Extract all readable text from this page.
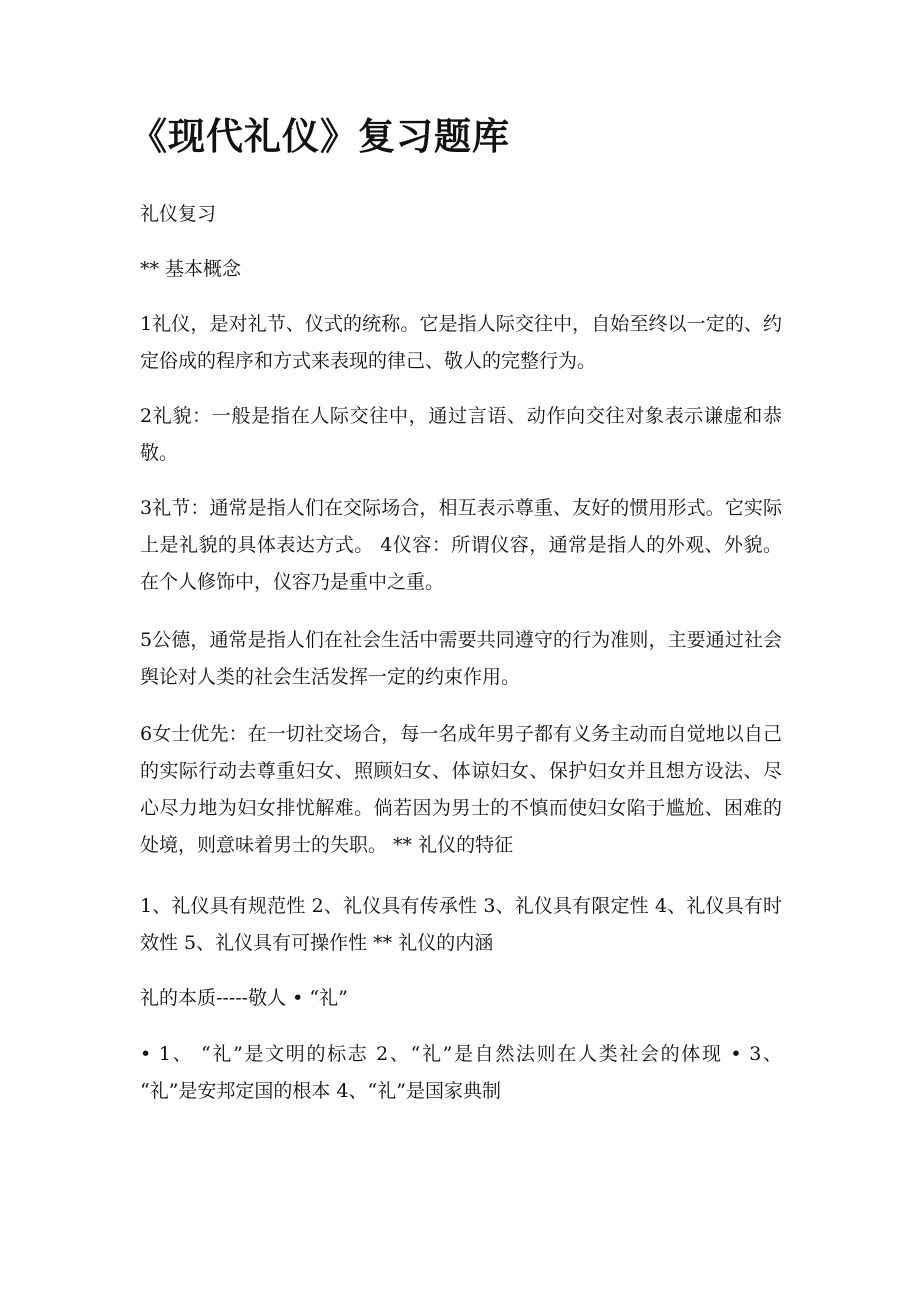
《现代礼仪》复习题库

礼仪复习

** 基本概念

1礼仪，是对礼节、仪式的统称。它是指人际交往中，自始至终以一定的、约定俗成的程序和方式来表现的律己、敬人的完整行为。

2礼貌：一般是指在人际交往中，通过言语、动作向交往对象表示谦虚和恭敬。

3礼节：通常是指人们在交际场合，相互表示尊重、友好的惯用形式。它实际上是礼貌的具体表达方式。 4仪容：所谓仪容，通常是指人的外观、外貌。在个人修饰中，仪容乃是重中之重。

5公德，通常是指人们在社会生活中需要共同遵守的行为准则，主要通过社会舆论对人类的社会生活发挥一定的约束作用。

6女士优先：在一切社交场合，每一名成年男子都有义务主动而自觉地以自己的实际行动去尊重妇女、照顾妇女、体谅妇女、保护妇女并且想方设法、尽心尽力地为妇女排忧解难。倘若因为男士的不慎而使妇女陷于尴尬、困难的处境，则意味着男士的失职。 ** 礼仪的特征

1、礼仪具有规范性 2、礼仪具有传承性 3、礼仪具有限定性 4、礼仪具有时效性 5、礼仪具有可操作性 ** 礼仪的内涵

礼的本质-----敬人 • “礼”

• 1、 “礼”是文明的标志 2、“礼”是自然法则在人类社会的体现 • 3、 “礼”是安邦定国的根本 4、“礼”是国家典制
